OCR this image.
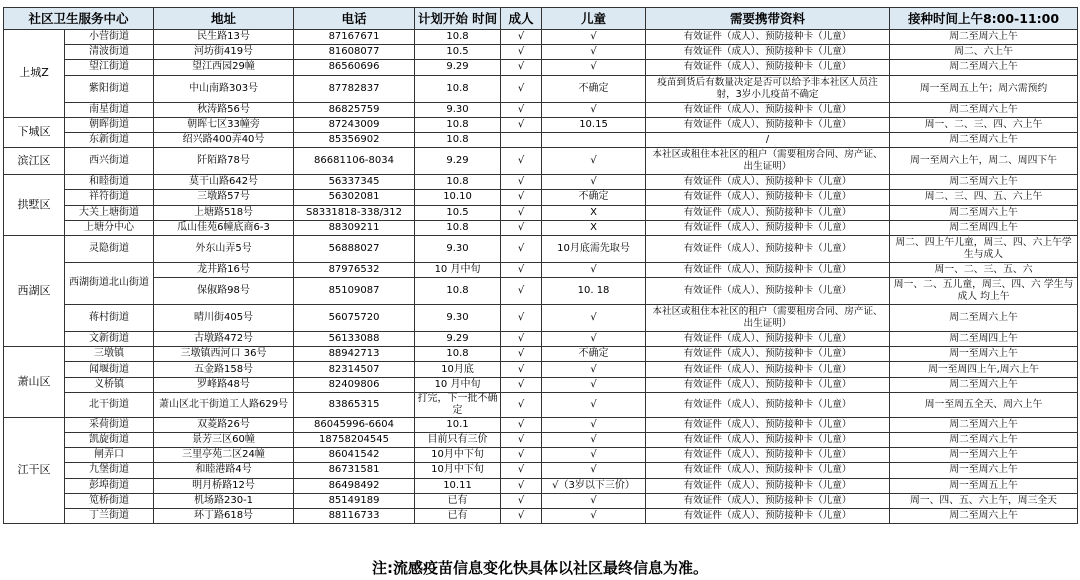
社区卫生服务中心		地址	电话	计划开始 时间	成人	儿童	需要携带资料	接种时间上午8:00-11:00
上城Z	小营街道	民生路13号	87167671	10.8	√	√	有效证件（成人）、预防接种卡（儿童）	周二至周六上午
	清波街道	河坊街419号	81608077	10.5	√	√	有效证件（成人）、预防接种卡（儿童）	周二、六上午
	望江街道	望江西园29幢	86560696	9.29	√	√	有效证件（成人）、预防接种卡（儿童）	周二至周六上午
	紫阳街道	中山南路303号	87782837	10.8	√	不确定	疫苗到货后有数量决定是否可以给予非本社区人员注射，3岁小儿疫苗不确定	周一至周五上午；周六需预约
	南星街道	秋涛路56号	86825759	9.30	√	√	有效证件（成人）、预防接种卡（儿童）	周二至周六上午
下城区	朝晖街道	朝晖七区33幢旁	87243009	10.8	√	10.15	有效证件（成人）、预防接种卡（儿童）	周一、二、三、四、六上午
	东新街道	绍兴路400弄40号	85356902	10.8			/	周二至周六上午
滨江区	西兴街道	阡陌路78号	86681106-8034	9.29	√	√	本社区或租住本社区的租户（需要租房合同、房产证、出生证明）	周一至周六上午，周二、周四下午
拱墅区	和睦街道	莫干山路642号	56337345	10.8	√	√	有效证件（成人）、预防接种卡（儿童）	周二至周六上午
	祥符街道	三墩路57号	56302081	10.10	√	不确定	有效证件（成人）、预防接种卡（儿童）	周二、三、四、五、六上午
	大关上塘街道	上塘路518号	S8331818-338/312	10.5	√	X	有效证件（成人）、预防接种卡（儿童）	周二至周六上午
	上塘分中心	瓜山佳苑6幢底商6-3	88309211	10.8	√	X	有效证件（成人）、预防接种卡（儿童）	周二至周四上午
西湖区	灵隐街道	外东山弄5号	56888027	9.30	√	10月底需先取号	有效证件（成人）、预防接种卡（儿童）	周二、四上午儿童，周三、四、六上午学生与成人
	西湖街道北山街道	龙井路16号	87976532	10 月中旬	√	√	有效证件（成人）、预防接种卡（儿童）	周一、二、三、五、六
		保俶路98号	85109087	10.8	√	10. 18	有效证件（成人）、预防接种卡（儿童）	周一、二、五儿童，周三、四、六 学生与成人 均上午
	蒋村街道	晴川街405号	56075720	9.30	√	√	本社区或租住本社区的租户（需要租房合同、房产证、出生证明）	周二至周六上午
	文新街道	古墩路472号	56133088	9.29	√	√	有效证件（成人）、预防接种卡（儿童）	周二至周四上午
萧山区	三墩镇	三墩镇西河口 36号	88942713	10.8	√	不确定	有效证件（成人）、预防接种卡（儿童）	周一至周六上午
	闻堰街道	五金路158号	82314507	10月底	√	√	有效证件（成人）、预防接种卡（儿童）	周一至周四上午,周六上午
	义桥镇	罗峰路48号	82409806	10 月中旬	√	√	有效证件（成人）、预防接种卡（儿童）	周二至周六上午
	北干街道	萧山区北干街道工人路629号	83865315	打完，下一批不确定	√	√	有效证件（成人）、预防接种卡（儿童）	周一至周五全天、周六上午
江干区	采荷街道	双菱路26号	86045996-6604	10.1	√	√	有效证件（成人）、预防接种卡（儿童）	周二至周六上午
	凯旋街道	景芳三区60幢	18758204545	目前只有三价	√	√	有效证件（成人）、预防接种卡（儿童）	周二至周六上午
	闸弄口	三里亭苑二区24幢	86041542	10月中下旬	√	√	有效证件（成人）、预防接种卡（儿童）	周一至周六上午
	九堡街道	和睦港路4号	86731581	10月中下旬	√	√	有效证件（成人）、预防接种卡（儿童）	周一至周六上午
	彭埠街道	明月桥路12号	86498492	10.11	√	√（3岁以下三价）	有效证件（成人）、预防接种卡（儿童）	周一至周五上午
	笕桥街道	机场路230-1	85149189	已有	√	√	有效证件（成人）、预防接种卡（儿童）	周一、四、五、六上午，周三全天
	丁兰街道	环丁路618号	88116733	已有	√	√	有效证件（成人）、预防接种卡（儿童）	周二至周六上午
注:流感疫苗信息变化快具体以社区最终信息为准。
